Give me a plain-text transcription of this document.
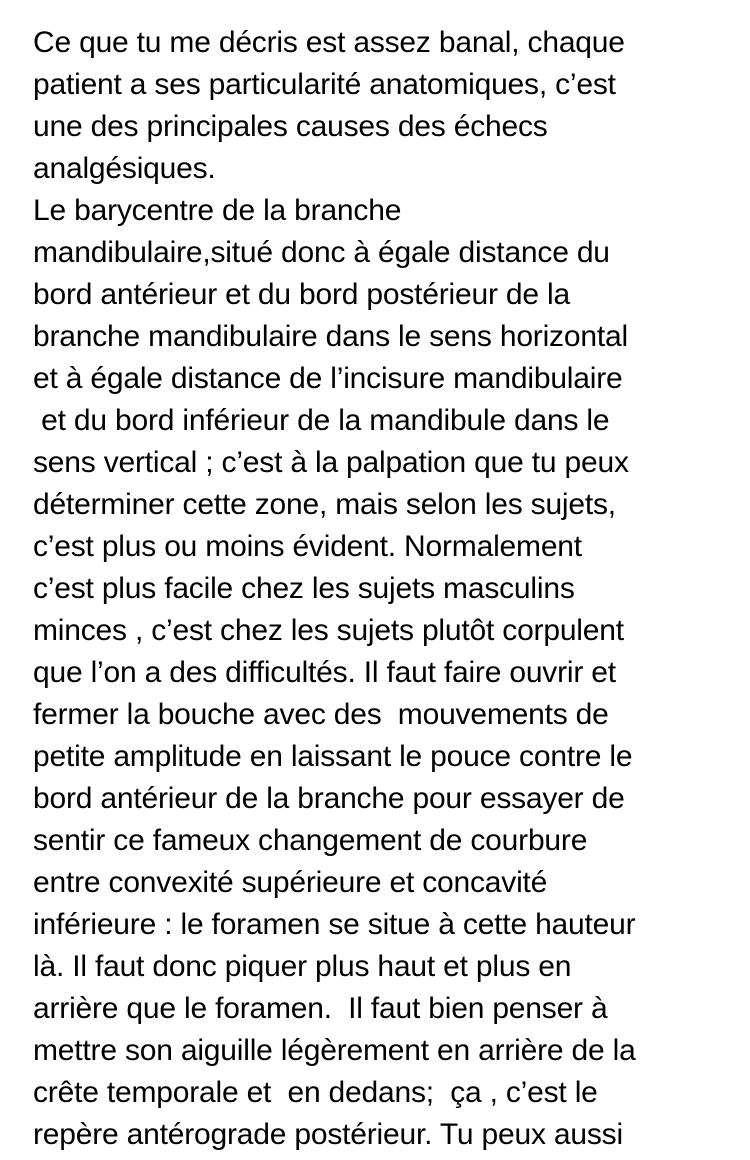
Ce que tu me décris est assez banal, chaque
patient a ses particularité anatomiques, c’est
une des principales causes des échecs
analgésiques.
Le barycentre de la branche
mandibulaire,situé donc à égale distance du
bord antérieur et du bord postérieur de la
branche mandibulaire dans le sens horizontal
et à égale distance de l’incisure mandibulaire
et du bord inférieur de la mandibule dans le
sens vertical ; c’est à la palpation que tu peux
déterminer cette zone, mais selon les sujets,
c’est plus ou moins évident. Normalement
c’est plus facile chez les sujets masculins
minces , c’est chez les sujets plutôt corpulent
que l’on a des difficultés. Il faut faire ouvrir et
fermer la bouche avec des  mouvements de
petite amplitude en laissant le pouce contre le
bord antérieur de la branche pour essayer de
sentir ce fameux changement de courbure
entre convexité supérieure et concavité
inférieure : le foramen se situe à cette hauteur
là. Il faut donc piquer plus haut et plus en
arrière que le foramen.  Il faut bien penser à
mettre son aiguille légèrement en arrière de la
crête temporale et  en dedans;  ça , c’est le
repère antérograde postérieur. Tu peux aussi
